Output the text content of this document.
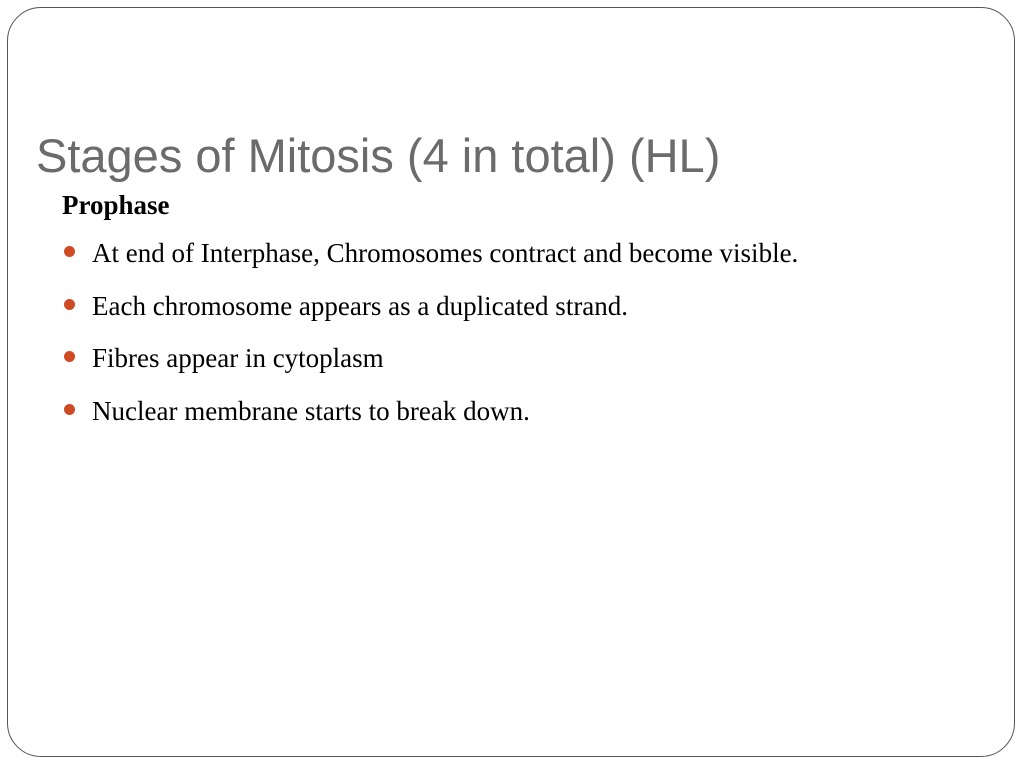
Stages of Mitosis (4 in total) (HL)
Prophase
At end of Interphase, Chromosomes contract and become visible.
Each chromosome appears as a duplicated strand.
Fibres appear in cytoplasm
Nuclear membrane starts to break down.
